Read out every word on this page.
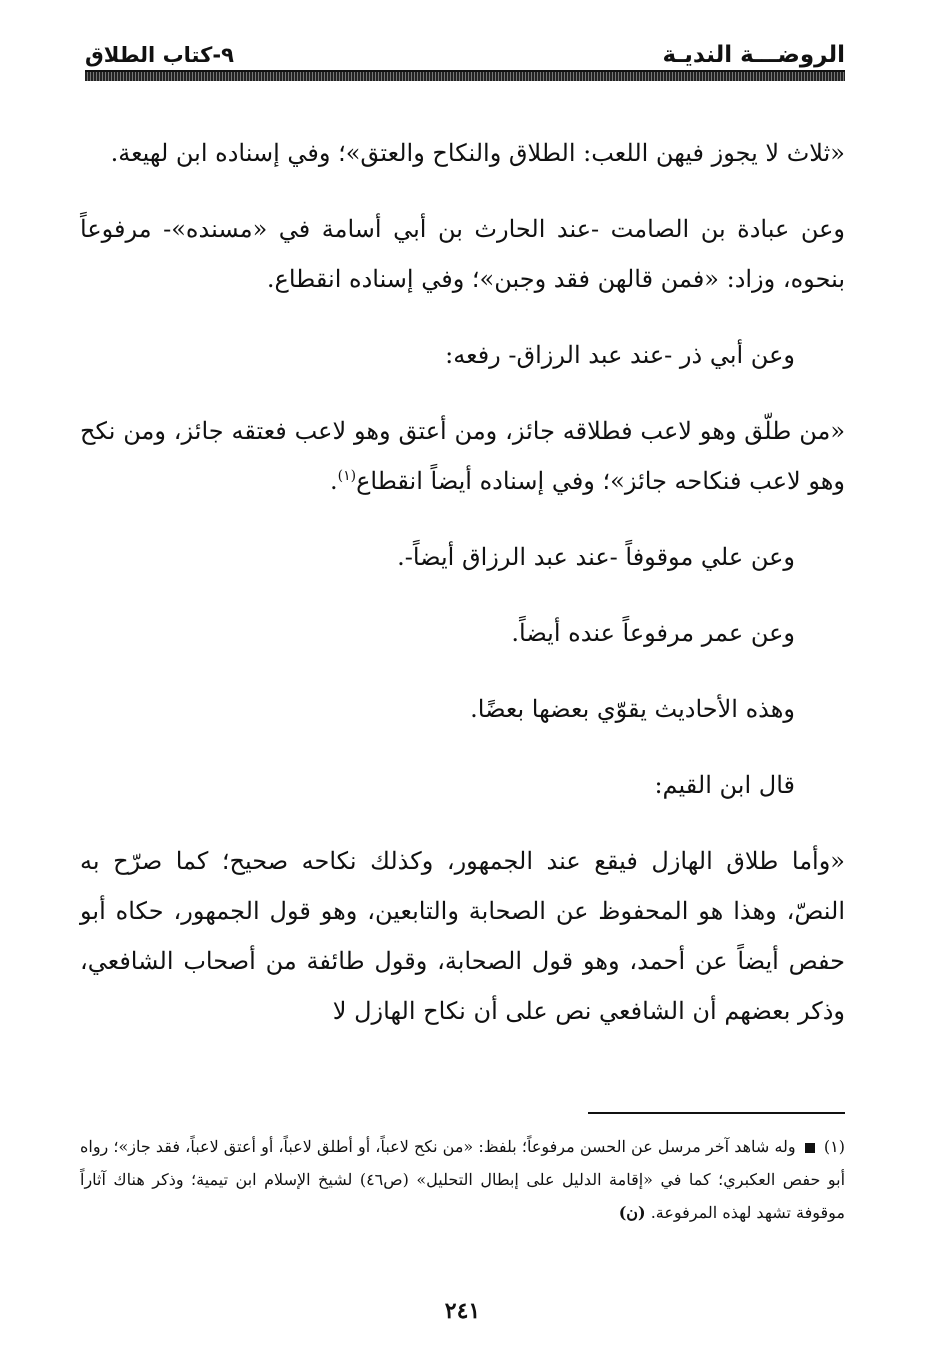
الروضـــة النديـة
٩-كتاب الطلاق

«ثلاث لا يجوز فيهن اللعب: الطلاق والنكاح والعتق»؛ وفي إسناده ابن لهيعة.

وعن عبادة بن الصامت -عند الحارث بن أبي أسامة في «مسنده»- مرفوعاً بنحوه، وزاد: «فمن قالهن فقد وجبن»؛ وفي إسناده انقطاع.

وعن أبي ذر -عند عبد الرزاق- رفعه:

«من طلّق وهو لاعب فطلاقه جائز، ومن أعتق وهو لاعب فعتقه جائز، ومن نكح وهو لاعب فنكاحه جائز»؛ وفي إسناده أيضاً انقطاع$^{(١)}$.

وعن علي موقوفاً -عند عبد الرزاق أيضاً-.

وعن عمر مرفوعاً عنده أيضاً.

وهذه الأحاديث يقوّي بعضها بعضًا.

قال ابن القيم:

«وأما طلاق الهازل فيقع عند الجمهور، وكذلك نكاحه صحيح؛ كما صرّح به النصّ، وهذا هو المحفوظ عن الصحابة والتابعين، وهو قول الجمهور، حكاه أبو حفص أيضاً عن أحمد، وهو قول الصحابة، وقول طائفة من أصحاب الشافعي، وذكر بعضهم أن الشافعي نص على أن نكاح الهازل لا

(١)  وله شاهد آخر مرسل عن الحسن مرفوعاً؛ بلفظ: «من نكح لاعباً، أو أطلق لاعباً، أو أعتق لاعباً، فقد جاز»؛ رواه أبو حفص العكبري؛ كما في «إقامة الدليل على إبطال التحليل» (ص٤٦) لشيخ الإسلام ابن تيمية؛ وذكر هناك آثاراً موقوفة تشهد لهذه المرفوعة. (ن)
٢٤١
